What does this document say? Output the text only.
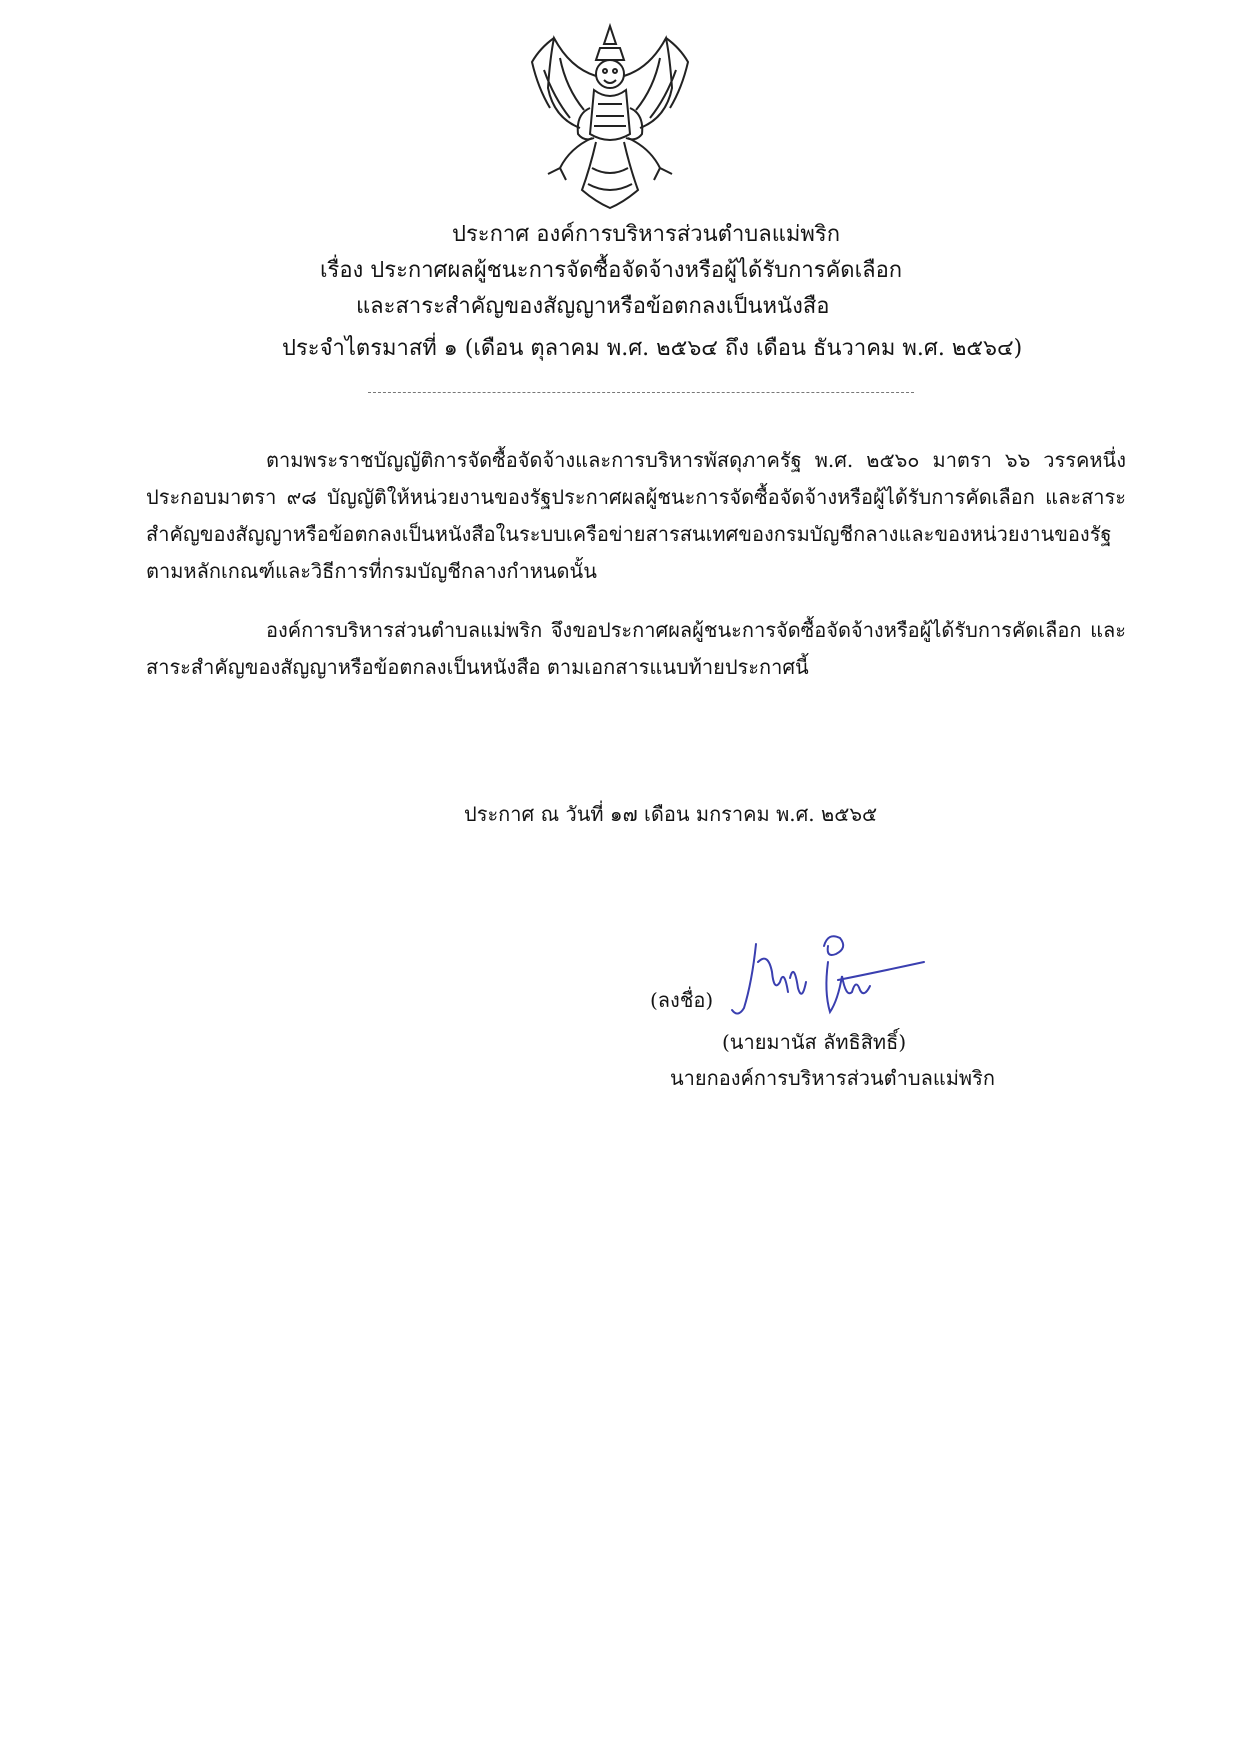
ประกาศ องค์การบริหารส่วนตำบลแม่พริก
เรื่อง ประกาศผลผู้ชนะการจัดซื้อจัดจ้างหรือผู้ได้รับการคัดเลือก
และสาระสำคัญของสัญญาหรือข้อตกลงเป็นหนังสือ
ประจำไตรมาสที่ ๑ (เดือน ตุลาคม พ.ศ. ๒๕๖๔ ถึง เดือน ธันวาคม พ.ศ. ๒๕๖๔)
ตามพระราชบัญญัติการจัดซื้อจัดจ้างและการบริหารพัสดุภาครัฐ พ.ศ. ๒๕๖๐ มาตรา ๖๖ วรรคหนึ่ง ประกอบมาตรา ๙๘ บัญญัติให้หน่วยงานของรัฐประกาศผลผู้ชนะการจัดซื้อจัดจ้างหรือผู้ได้รับการคัดเลือก และสาระสำคัญของสัญญาหรือข้อตกลงเป็นหนังสือในระบบเครือข่ายสารสนเทศของกรมบัญชีกลางและของหน่วยงานของรัฐตามหลักเกณฑ์และวิธีการที่กรมบัญชีกลางกำหนดนั้น
องค์การบริหารส่วนตำบลแม่พริก จึงขอประกาศผลผู้ชนะการจัดซื้อจัดจ้างหรือผู้ได้รับการคัดเลือก และสาระสำคัญของสัญญาหรือข้อตกลงเป็นหนังสือ ตามเอกสารแนบท้ายประกาศนี้
ประกาศ ณ วันที่ ๑๗ เดือน มกราคม พ.ศ. ๒๕๖๕
(ลงชื่อ)
(นายมานัส ลัทธิสิทธิ์)
นายกองค์การบริหารส่วนตำบลแม่พริก
